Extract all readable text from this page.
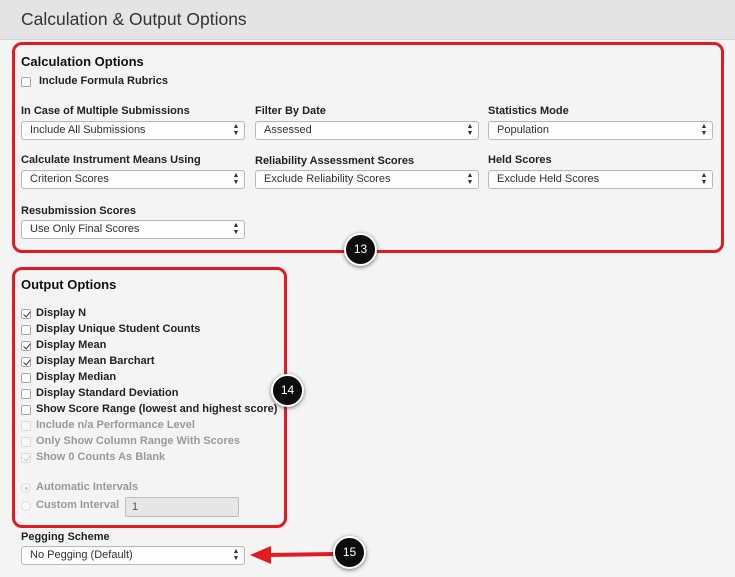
Calculation & Output Options
Calculation Options
Include Formula Rubrics
In Case of Multiple Submissions
Include All Submissions	▲
▼
Filter By Date
Assessed	▲
▼
Statistics Mode
Population	▲
▼
Calculate Instrument Means Using
Criterion Scores	▲
▼
Reliability Assessment Scores
Exclude Reliability Scores	▲
▼
Held Scores
Exclude Held Scores	▲
▼
Resubmission Scores
Use Only Final Scores	▲
▼
Output Options
Display N
Display Unique Student Counts
Display Mean
Display Mean Barchart
Display Median
Display Standard Deviation
Show Score Range (lowest and highest score)
Include n/a Performance Level
Only Show Column Range With Scores
Show 0 Counts As Blank
Automatic Intervals
Custom Interval	1
Pegging Scheme
No Pegging (Default)	▲
▼
13
14
15
